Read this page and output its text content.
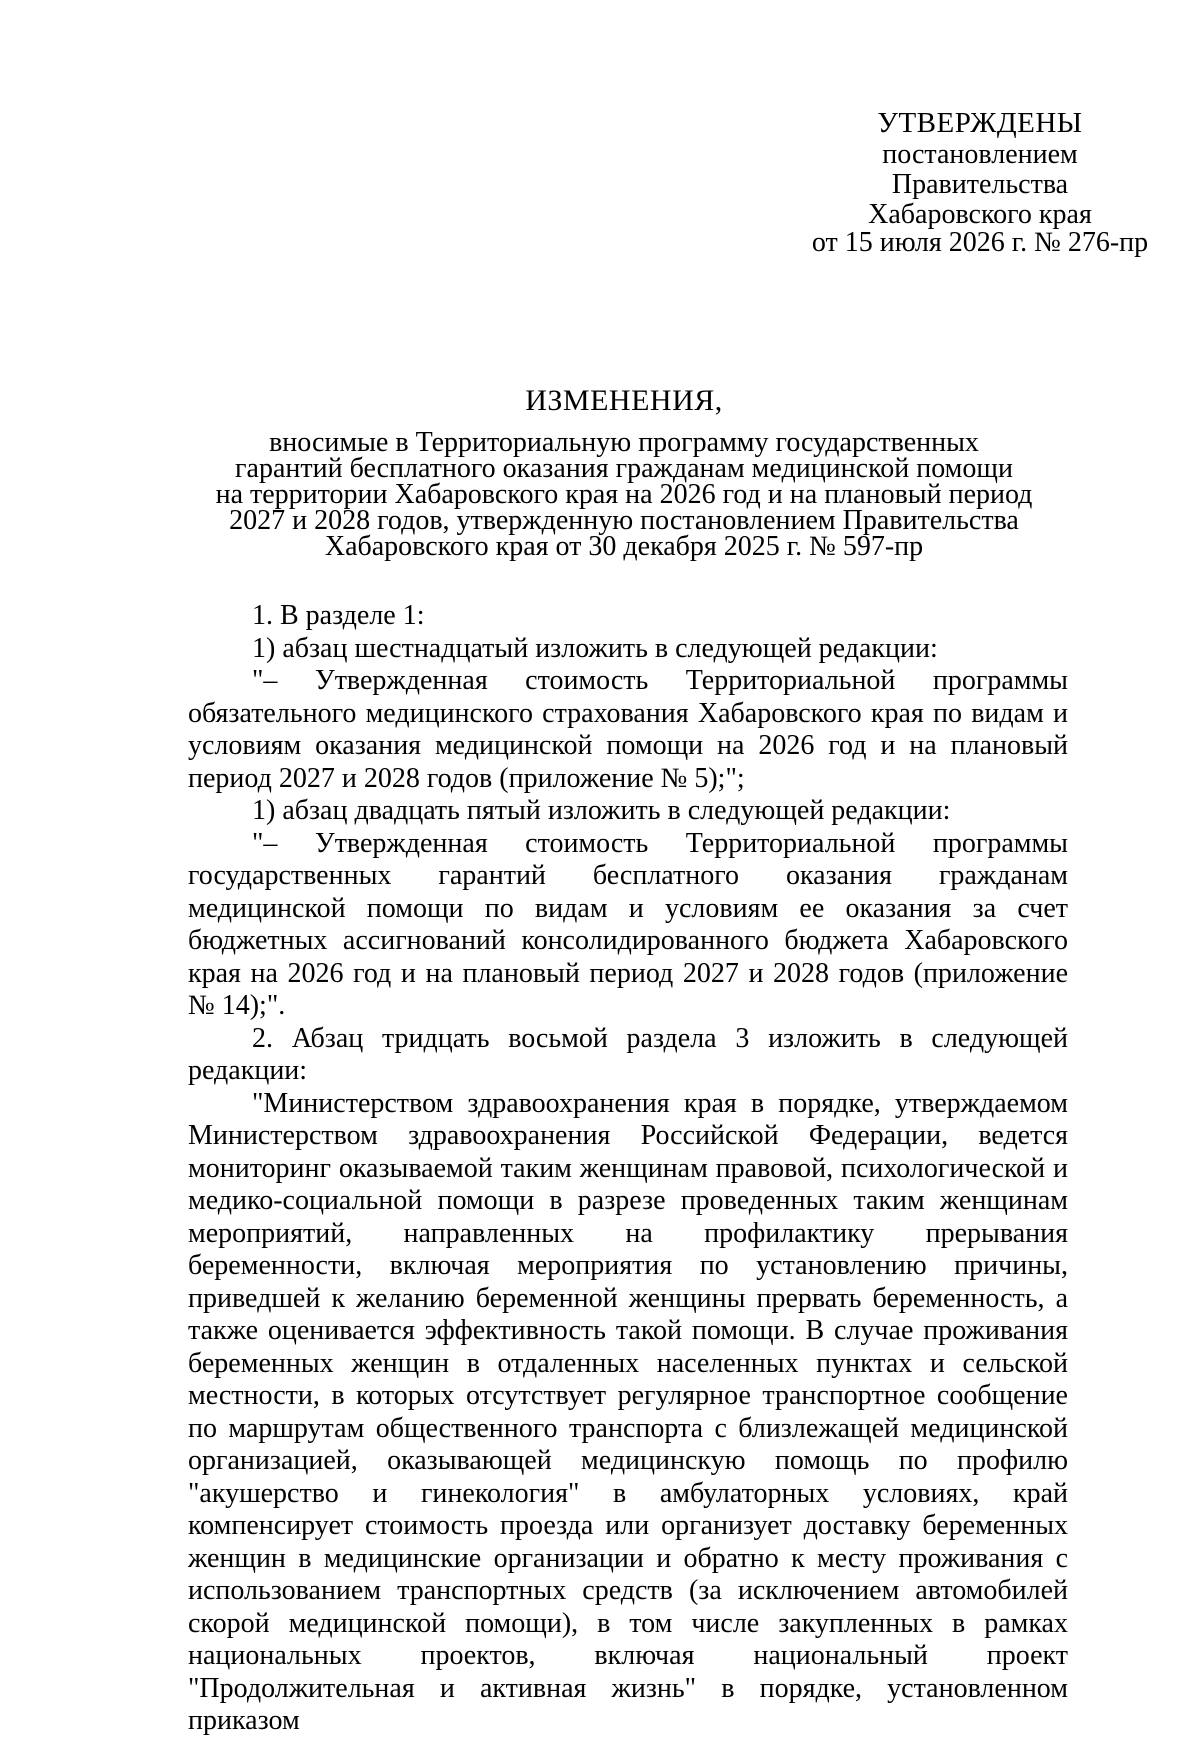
УТВЕРЖДЕНЫ
постановлением
Правительства
Хабаровского края
от 15 июля 2026 г. № 276-пр
ИЗМЕНЕНИЯ,
вносимые в Территориальную программу государственных
гарантий бесплатного оказания гражданам медицинской помощи
на территории Хабаровского края на 2026 год и на плановый период
2027 и 2028 годов, утвержденную постановлением Правительства
Хабаровского края от 30 декабря 2025 г. № 597-пр

1. В разделе 1:

1) абзац шестнадцатый изложить в следующей редакции:

"– Утвержденная стоимость Территориальной программы обязательного медицинского страхования Хабаровского края по видам и условиям оказания медицинской помощи на 2026 год и на плановый период 2027 и 2028 годов (приложение № 5);";

1) абзац двадцать пятый изложить в следующей редакции:

"– Утвержденная стоимость Территориальной программы государственных гарантий бесплатного оказания гражданам медицинской помощи по видам и условиям ее оказания за счет бюджетных ассигнований консолидированного бюджета Хабаровского края на 2026 год и на плановый период 2027 и 2028 годов (приложение № 14);".

2. Абзац тридцать восьмой раздела 3 изложить в следующей редакции:

"Министерством здравоохранения края в порядке, утверждаемом Министерством здравоохранения Российской Федерации, ведется мониторинг оказываемой таким женщинам правовой, психологической и медико-социальной помощи в разрезе проведенных таким женщинам мероприятий, направленных на профилактику прерывания беременности, включая мероприятия по установлению причины, приведшей к желанию беременной женщины прервать беременность, а также оценивается эффективность такой помощи. В случае проживания беременных женщин в отдаленных населенных пунктах и сельской местности, в которых отсутствует регулярное транспортное сообщение по маршрутам общественного транспорта с близлежащей медицинской организацией, оказывающей медицинскую помощь по профилю "акушерство и гинекология" в амбулаторных условиях, край компенсирует стоимость проезда или организует доставку беременных женщин в медицинские организации и обратно к месту проживания с использованием транспортных средств (за исключением автомобилей скорой медицинской помощи), в том числе закупленных в рамках национальных проектов, включая национальный проект "Продолжительная и активная жизнь" в порядке, установленном приказом
